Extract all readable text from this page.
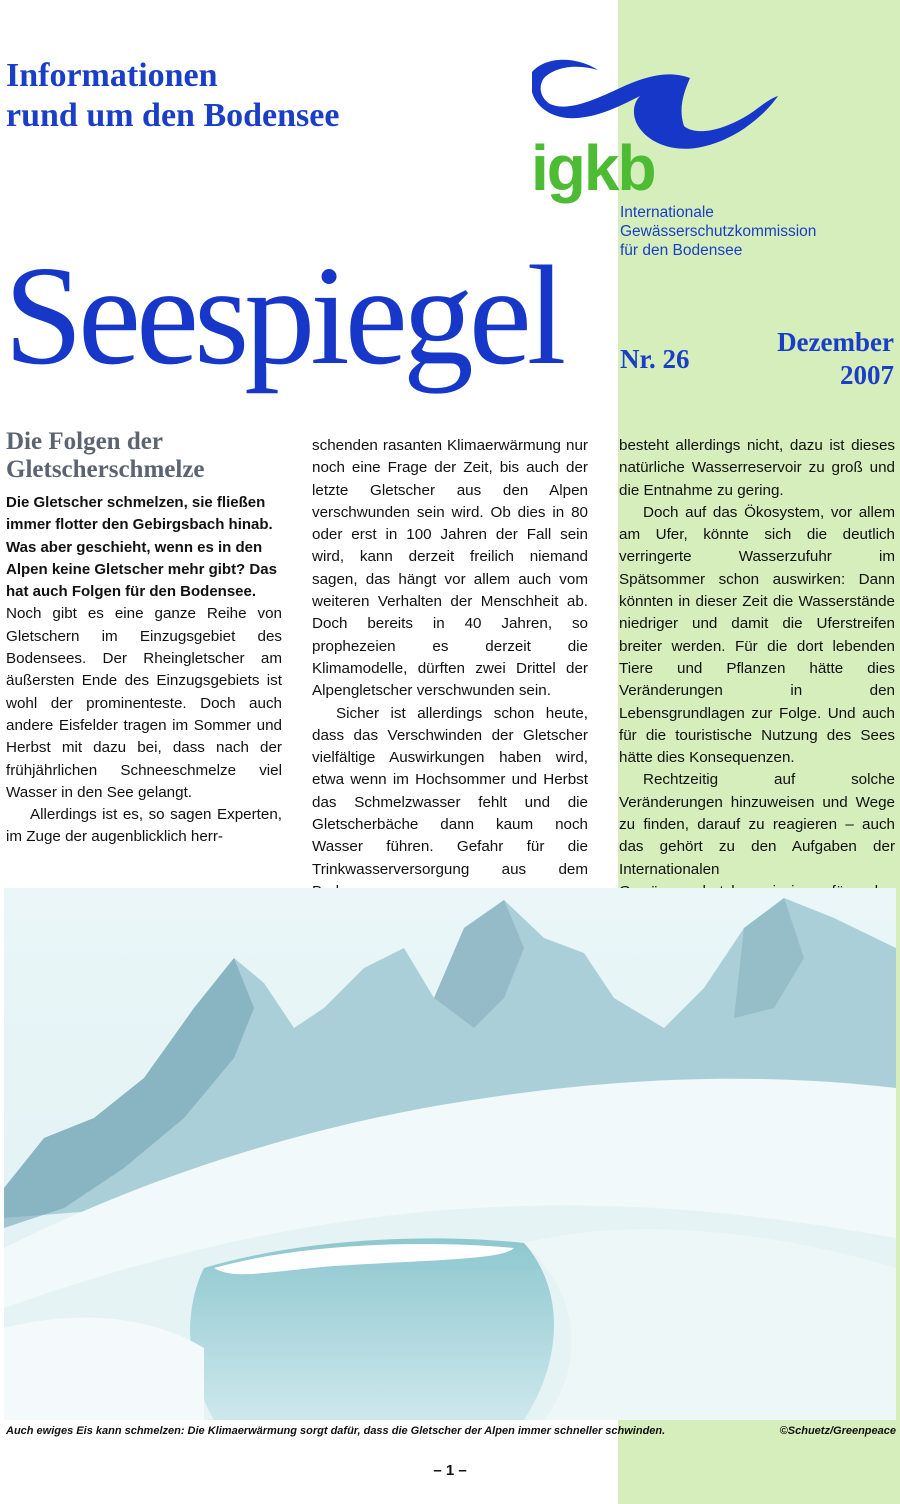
Informationen
rund um den Bodensee
igkb
Internationale
Gewässerschutzkommission
für den Bodensee
Seespiegel Nr. 26
Dezember
2007
Die Folgen der Gletscherschmelze

Die Gletscher schmelzen, sie fließen immer flotter den Gebirgsbach hinab. Was aber geschieht, wenn es in den Alpen keine Gletscher mehr gibt? Das hat auch Folgen für den Bodensee.

Noch gibt es eine ganze Reihe von Gletschern im Einzugsgebiet des Bodensees. Der Rheingletscher am äußersten Ende des Einzugsgebiets ist wohl der prominenteste. Doch auch andere Eisfelder tragen im Sommer und Herbst mit dazu bei, dass nach der frühjährlichen Schneeschmelze viel Wasser in den See gelangt.

Allerdings ist es, so sagen Experten, im Zuge der augenblicklich herr-

schenden rasanten Klimaerwärmung nur noch eine Frage der Zeit, bis auch der letzte Gletscher aus den Alpen verschwunden sein wird. Ob dies in 80 oder erst in 100 Jahren der Fall sein wird, kann derzeit freilich niemand sagen, das hängt vor allem auch vom weiteren Verhalten der Menschheit ab. Doch bereits in 40 Jahren, so prophezeien es derzeit die Klimamodelle, dürften zwei Drittel der Alpengletscher verschwunden sein.

Sicher ist allerdings schon heute, dass das Verschwinden der Gletscher vielfältige Auswirkungen haben wird, etwa wenn im Hochsommer und Herbst das Schmelzwasser fehlt und die Gletscherbäche dann kaum noch Wasser führen. Gefahr für die Trinkwasserversorgung aus dem

besteht allerdings nicht, dazu ist dieses natürliche Wasserreservoir zu groß und die Entnahme zu gering.

Doch auf das Ökosystem, vor allem am Ufer, könnte sich die deutlich verringerte Wasserzufuhr im Spätsommer schon auswirken: Dann könnten in dieser Zeit die Wasserstände niedriger und damit die Uferstreifen breiter werden. Für die dort lebenden Tiere und Pflanzen hätte dies Veränderungen in den Lebensgrundlagen zur Folge. Und auch für die touristische Nutzung des Sees hätte dies Konsequenzen.

Rechtzeitig auf solche Veränderungen hinzuweisen und Wege zu finden, darauf zu reagieren – auch das gehört zu den Aufgaben der Internationalen

Auch ewiges Eis kann schmelzen: Die Klimaerwärmung sorgt dafür, dass die Gletscher der Alpen immer schneller schwinden.	©Schuetz/Greenpeace
– 1 –
